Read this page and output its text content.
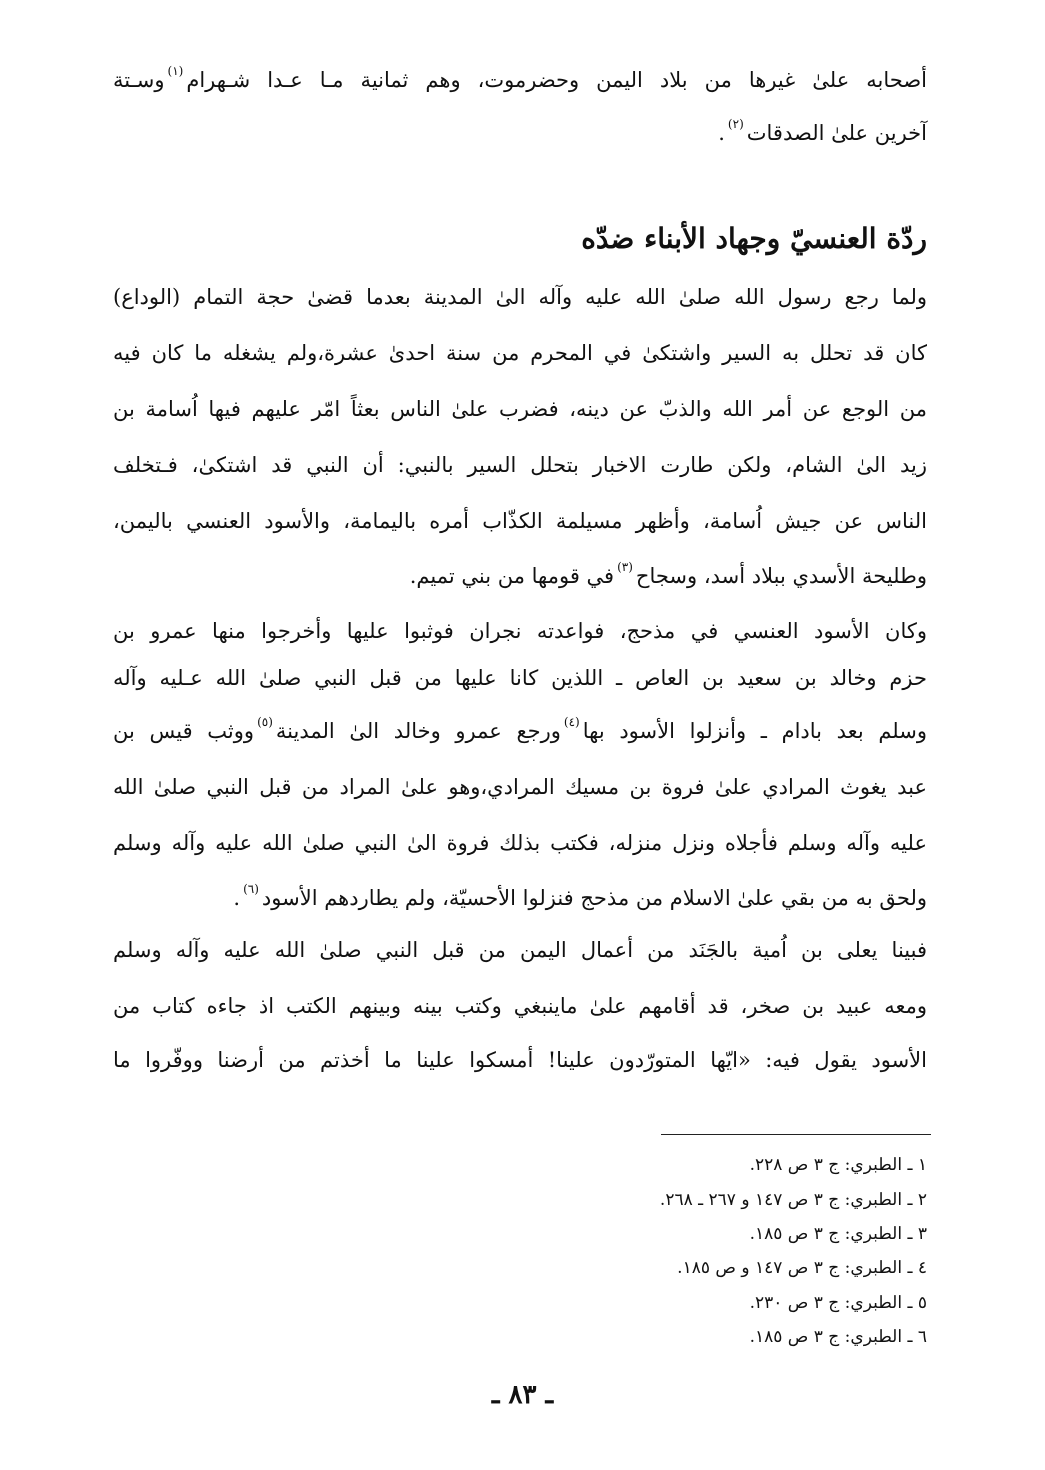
أصحابه علىٰ غيرها من بلاد اليمن وحضرموت، وهم ثمانية مـا عـدا شـهرام$^{(١)}$وسـتة
آخرين علىٰ الصدقات$^{(٢)}$.
ردّة العنسيّ وجهاد الأبناء ضدّه
ولما رجع رسول الله صلىٰ الله عليه وآله الىٰ المدينة بعدما قضىٰ حجة التمام (الوداع)
كان قد تحلل به السير واشتكىٰ في المحرم من سنة احدىٰ عشرة،ولم يشغله ما كان فيه
من الوجع عن أمر الله والذبّ عن دينه، فضرب علىٰ الناس بعثاً امّر عليهم فيها اُسامة بن
زيد الىٰ الشام، ولكن طارت الاخبار بتحلل السير بالنبي: أن النبي قد اشتكىٰ، فـتخلف
الناس عن جيش اُسامة، وأظهر مسيلمة الكذّاب أمره باليمامة، والأسود العنسي باليمن،
وطليحة الأسدي ببلاد أسد، وسجاح$^{(٣)}$في قومها من بني تميم.
وكان الأسود العنسي في مذحج، فواعدته نجران فوثبوا عليها وأخرجوا منها عمرو بن
حزم وخالد بن سعيد بن العاص ـ اللذين كانا عليها من قبل النبي صلىٰ الله عـليه وآله
وسلم بعد بادام ـ وأنزلوا الأسود بها$^{(٤)}$ورجع عمرو وخالد الىٰ المدينة$^{(٥)}$ووثب قيس بن
عبد يغوث المرادي علىٰ فروة بن مسيك المرادي،وهو علىٰ المراد من قبل النبي صلىٰ الله
عليه وآله وسلم فأجلاه ونزل منزله، فكتب بذلك فروة الىٰ النبي صلىٰ الله عليه وآله وسلم
ولحق به من بقي علىٰ الاسلام من مذحج فنزلوا الأحسيّة، ولم يطاردهم الأسود$^{(٦)}$.
فبينا يعلى بن اُمية بالجَنَد من أعمال اليمن من قبل النبي صلىٰ الله عليه وآله وسلم
ومعه عبيد بن صخر، قد أقامهم علىٰ ماينبغي وكتب بينه وبينهم الكتب اذ جاءه كتاب من
الأسود يقول فيه: «ايّها المتورّدون علينا! أمسكوا علينا ما أخذتم من أرضنا ووفّروا ما
١ ـ الطبري: ج ٣ ص ٢٢٨.
٢ ـ الطبري: ج ٣ ص ١٤٧ و ٢٦٧ ـ ٢٦٨.
٣ ـ الطبري: ج ٣ ص ١٨٥.
٤ ـ الطبري: ج ٣ ص ١٤٧ و ص ١٨٥.
٥ ـ الطبري: ج ٣ ص ٢٣٠.
٦ ـ الطبري: ج ٣ ص ١٨٥.
ـ ٨٣ ـ
